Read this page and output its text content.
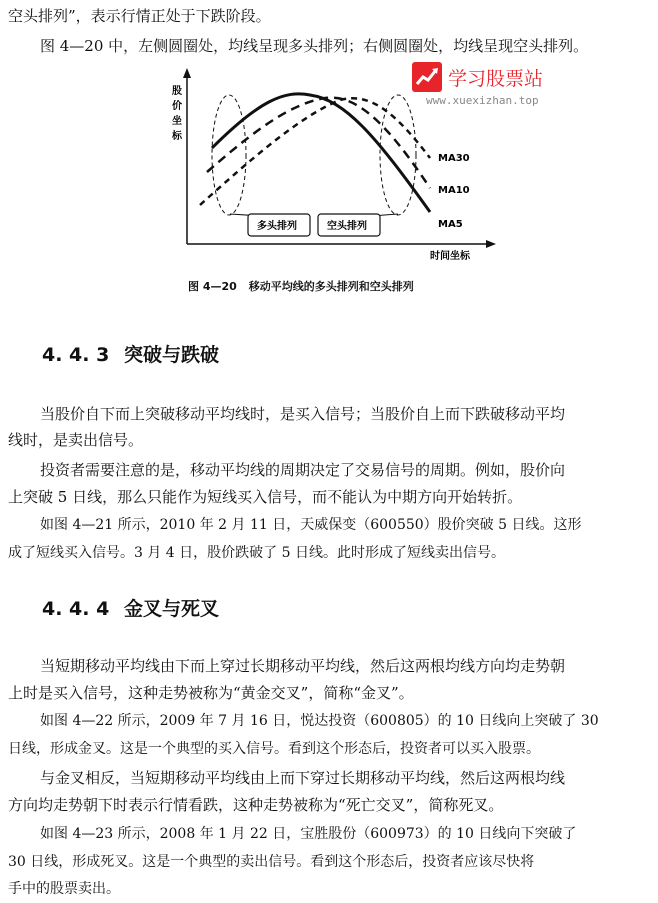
空头排列”，表示行情正处于下跌阶段。
图 4—20 中，左侧圆圈处，均线呈现多头排列；右侧圆圈处，均线呈现空头排列。
学习股票站
www.xuexizhan.top
股
价
坐
标
时间坐标
MA30
MA10
MA5
多头排列	空头排列
图 4—20 移动平均线的多头排列和空头排列
4. 4. 3 突破与跌破
当股价自下而上突破移动平均线时，是买入信号；当股价自上而下跌破移动平均
线时，是卖出信号。
投资者需要注意的是，移动平均线的周期决定了交易信号的周期。例如，股价向
上突破 5 日线，那么只能作为短线买入信号，而不能认为中期方向开始转折。
如图 4—21 所示，2010 年 2 月 11 日，天威保变（600550）股价突破 5 日线。这形
成了短线买入信号。3 月 4 日，股价跌破了 5 日线。此时形成了短线卖出信号。
4. 4. 4 金叉与死叉
当短期移动平均线由下而上穿过长期移动平均线，然后这两根均线方向均走势朝
上时是买入信号，这种走势被称为“黄金交叉”，简称“金叉”。
如图 4—22 所示，2009 年 7 月 16 日，悦达投资（600805）的 10 日线向上突破了 30
日线，形成金叉。这是一个典型的买入信号。看到这个形态后，投资者可以买入股票。
与金叉相反，当短期移动平均线由上而下穿过长期移动平均线，然后这两根均线
方向均走势朝下时表示行情看跌，这种走势被称为“死亡交叉”，简称死叉。
如图 4—23 所示，2008 年 1 月 22 日，宝胜股份（600973）的 10 日线向下突破了
30 日线，形成死叉。这是一个典型的卖出信号。看到这个形态后，投资者应该尽快将
手中的股票卖出。
